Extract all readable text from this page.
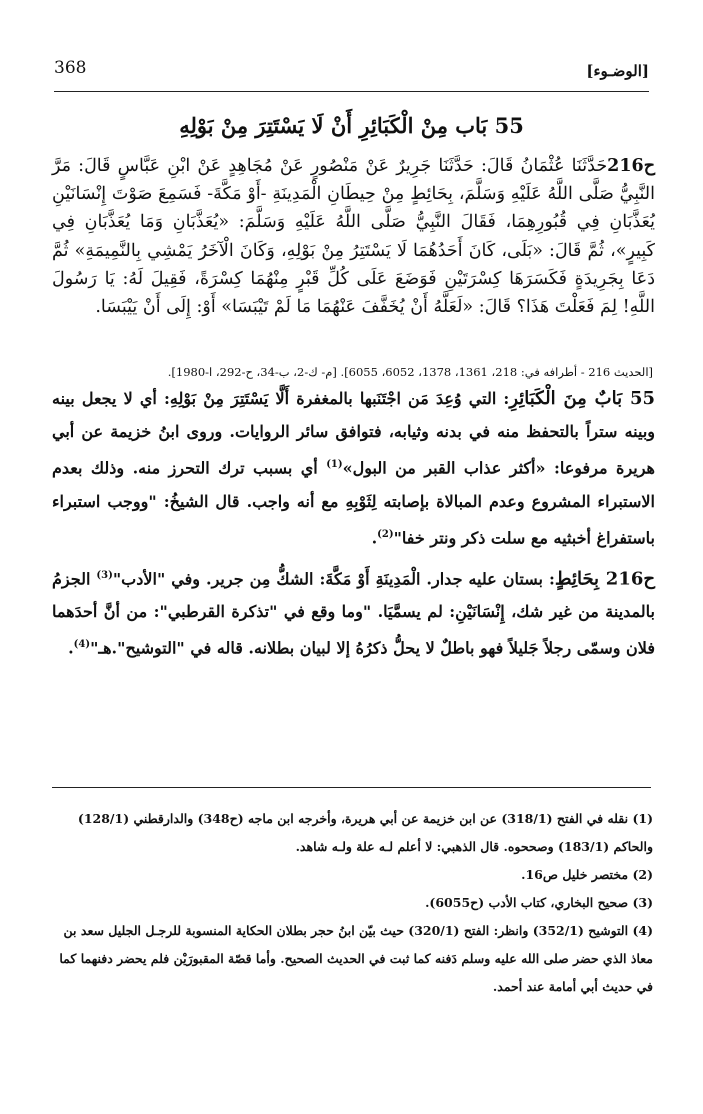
368	[الوضـوء]
55 بَاب مِنْ الْكَبَائِرِ أَنْ لَا يَسْتَتِرَ مِنْ بَوْلِهِ
ح216حَدَّثَنَا عُثْمَانُ قَالَ: حَدَّثَنَا جَرِيرٌ عَنْ مَنْصُورٍ عَنْ مُجَاهِدٍ عَنْ ابْنِ عَبَّاسٍ قَالَ: مَرَّ النَّبِيُّ صَلَّى اللَّهُ عَلَيْهِ وَسَلَّمَ، بِحَائِطٍ مِنْ حِيطَانِ الْمَدِينَةِ -أَوْ مَكَّةَ- فَسَمِعَ صَوْتَ إِنْسَانَيْنِ يُعَذَّبَانِ فِي قُبُورِهِمَا، فَقَالَ النَّبِيُّ صَلَّى اللَّهُ عَلَيْهِ وَسَلَّمَ: «يُعَذَّبَانِ وَمَا يُعَذَّبَانِ فِي كَبِيرٍ»، ثُمَّ قَالَ: «بَلَى، كَانَ أَحَدُهُمَا لَا يَسْتَتِرُ مِنْ بَوْلِهِ، وَكَانَ الْآخَرُ يَمْشِي بِالنَّمِيمَةِ» ثُمَّ دَعَا بِجَرِيدَةٍ فَكَسَرَهَا كِسْرَتَيْنِ فَوَضَعَ عَلَى كُلِّ قَبْرٍ مِنْهُمَا كِسْرَةً، فَقِيلَ لَهُ: يَا رَسُولَ اللَّهِ! لِمَ فَعَلْتَ هَذَا؟ قَالَ: «لَعَلَّهُ أَنْ يُخَفَّفَ عَنْهُمَا مَا لَمْ تَيْبَسَا» أَوْ: إِلَى أَنْ يَيْبَسَا.
[الحديث 216 - أطرافه في: 218، 1361، 1378، 6052، 6055]. [م- ك-2، ب-34، ح-292، ا-1980].

55 بَابٌ مِنَ الْكَبَائِرِ: التي وُعِدَ مَن اجْتَنَبها بالمغفرة أَلَّا يَسْتَتِرَ مِنْ بَوْلِهِ: أي لا يجعل بينه وبينه ستراً بالتحفظ منه في بدنه وثيابه، فتوافق سائر الروايات. وروى ابنُ خزيمة عن أبي هريرة مرفوعا: «أكثر عذاب القبر من البول»$^{(1)}$ أي بسبب ترك التحرز منه. وذلك بعدم الاستبراء المشروع وعدم المبالاة بإصابته لِثَوْبِهِ مع أنه واجب. قال الشيخُ: "ووجب استبراء باستفراغ أخبثيه مع سلت ذكر ونتر خفا"$^{(2)}$.

ح216 بِحَائِطٍ: بستان عليه جدار. الْمَدِينَةِ أَوْ مَكَّةَ: الشكُّ مِن جرير. وفي "الأدب"$^{(3)}$ الجزمُ بالمدينة من غير شك، إِنْسَانَيْنِ: لم يسمَّيَا. "وما وقع في "تذكرة القرطبي": من أنَّ أحدَهما فلان وسمّى رجلاً جَليلاً فهو باطلٌ لا يحلُّ ذكرُهُ إلا لبيان بطلانه. قاله في "التوشيح".هـ"$^{(4)}$.

(1) نقله في الفتح (318/1) عن ابن خزيمة عن أبي هريرة، وأخرجه ابن ماجه (ح348) والدارقطني (128/1) والحاكم (183/1) وصححوه. قال الذهبي: لا أعلم لـه علة ولـه شاهد.

(2) مختصر خليل ص16.

(3) صحيح البخاري، كتاب الأدب (ح6055).

(4) التوشيح (352/1) وانظر: الفتح (320/1) حيث بيّن ابنُ حجر بطلان الحكاية المنسوبة للرجـل الجليل سعد بن معاذ الذي حضر صلى الله عليه وسلم دَفنه كما ثبت في الحديث الصحيح. وأما قصّة المقبورَيْن فلم يحضر دفنهما كما في حديث أبي أمامة عند أحمد.
